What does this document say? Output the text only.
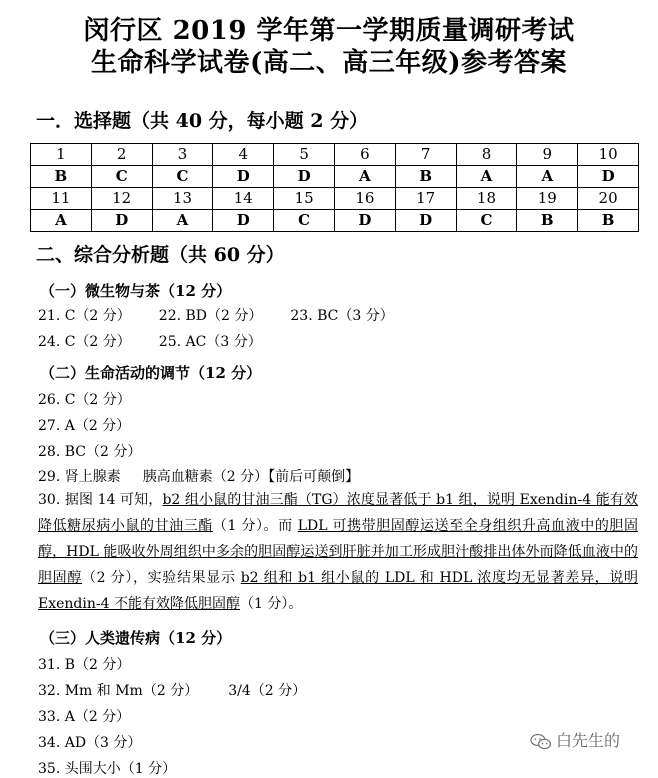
闵行区 2019 学年第一学期质量调研考试
生命科学试卷(高二、高三年级)参考答案
一．选择题（共 40 分，每小题 2 分）
1	2	3	4	5	6	7	8	9	10
B	C	C	D	D	A	B	A	A	D
11	12	13	14	15	16	17	18	19	20
A	D	A	D	C	D	D	C	B	B
二、综合分析题（共 60 分）
（一）微生物与茶（12 分）
21. C（2 分） 22. BD（2 分） 23. BC（3 分）
24. C（2 分） 25. AC（3 分）
（二）生命活动的调节（12 分）
26. C（2 分）
27. A（2 分）
28. BC（2 分）
29. 肾上腺素 胰高血糖素（2 分）【前后可颠倒】
30. 据图 14 可知，b2 组小鼠的甘油三酯（TG）浓度显著低于 b1 组，说明 Exendin-4 能有效降低糖尿病小鼠的甘油三酯（1 分）。而 LDL 可携带胆固醇运送至全身组织升高血液中的胆固醇，HDL 能吸收外周组织中多余的胆固醇运送到肝脏并加工形成胆汁酸排出体外而降低血液中的胆固醇（2 分），实验结果显示 b2 组和 b1 组小鼠的 LDL 和 HDL 浓度均无显著差异，说明 Exendin-4 不能有效降低胆固醇（1 分）。
（三）人类遗传病（12 分）
31. B（2 分）
32. Mm 和 Mm（2 分） 3/4（2 分）
33. A（2 分）
34. AD（3 分）
35. 头围大小（1 分）
白先生的
